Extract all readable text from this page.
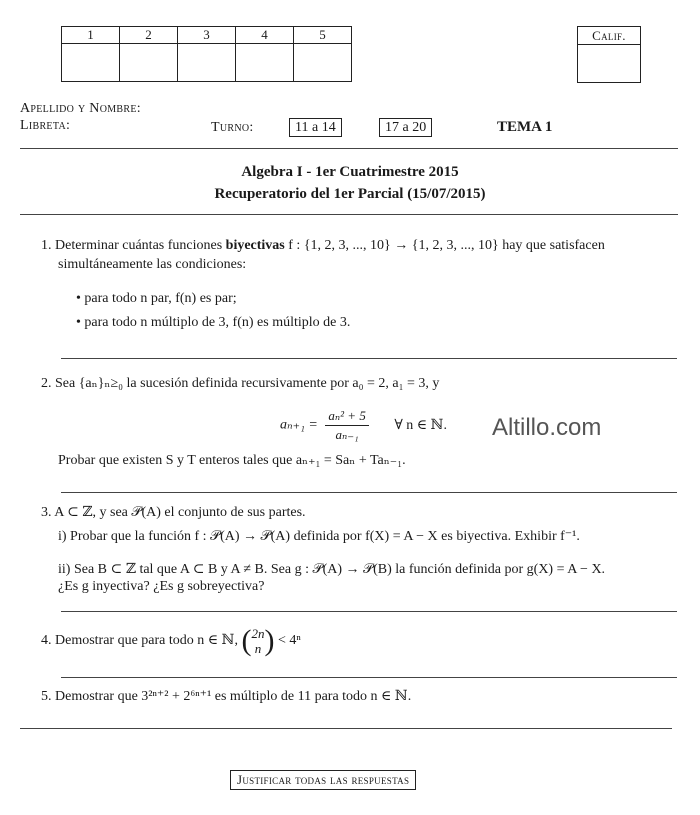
1	2	3	4	5
					Calif.
Apellido y Nombre:
Libreta:	Turno:	11 a 14	17 a 20	TEMA 1
Algebra I - 1er Cuatrimestre 2015
Recuperatorio del 1er Parcial (15/07/2015)
1. Determinar cuántas funciones biyectivas f : {1, 2, 3, ..., 10} → {1, 2, 3, ..., 10} hay que satisfacen
simultáneamente las condiciones:
• para todo n par, f(n) es par;
• para todo n múltiplo de 3, f(n) es múltiplo de 3.
2. Sea {aₙ}ₙ≥₀ la sucesión definida recursivamente por a₀ = 2, a₁ = 3, y
$a_{n+1} = \frac{\text{aₙ² + 5}}{\text{aₙ₋₁}}$ ∀ n ∈ ℕ. Altillo.com
Probar que existen S y T enteros tales que aₙ₊₁ = Saₙ + Taₙ₋₁.
3. A ⊂ ℤ, y sea 𝒫(A) el conjunto de sus partes.
i) Probar que la función f : 𝒫(A) → 𝒫(A) definida por f(X) = A − X es biyectiva. Exhibir f⁻¹.
ii) Sea B ⊂ ℤ tal que A ⊂ B y A ≠ B. Sea g : 𝒫(A) → 𝒫(B) la función definida por g(X) = A − X.
¿Es g inyectiva? ¿Es g sobreyectiva?
4. Demostrar que para todo n ∈ ℕ, ( 2n
n ) < 4ⁿ
5. Demostrar que 3²ⁿ⁺² + 2⁶ⁿ⁺¹ es múltiplo de 11 para todo n ∈ ℕ.
Justificar todas las respuestas
